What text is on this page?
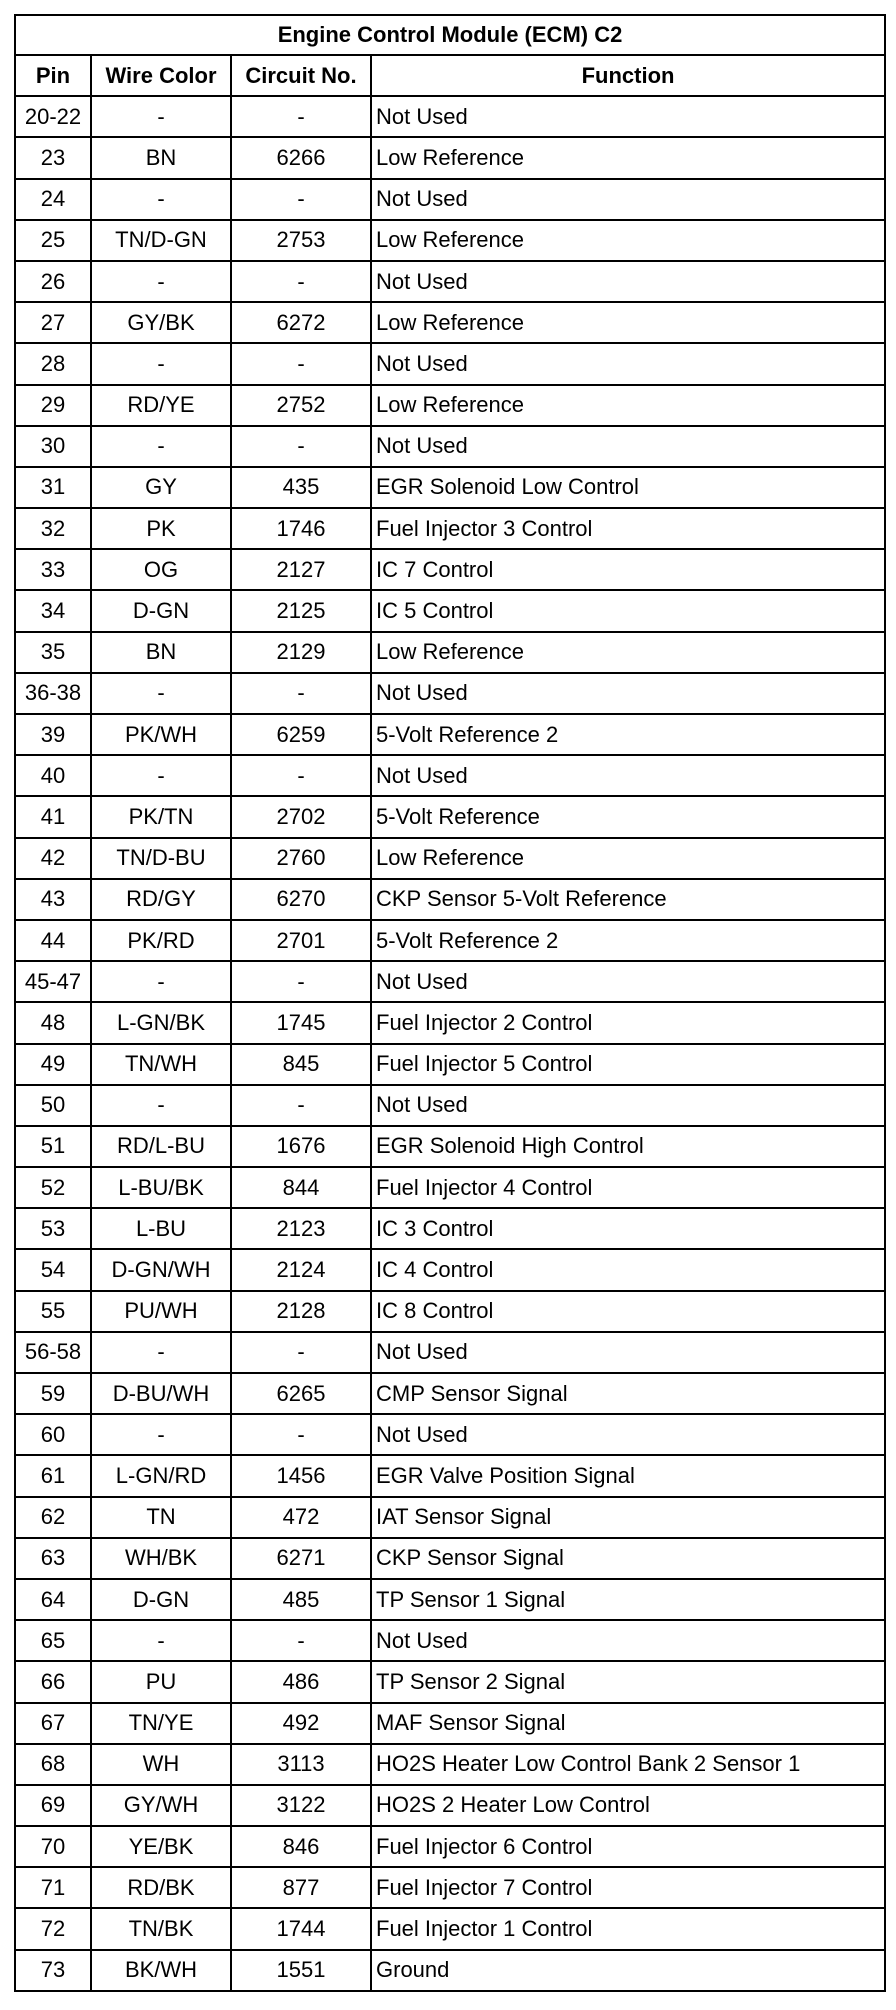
Engine Control Module (ECM) C2			
Pin	Wire Color	Circuit No.	Function
20-22	-	-	Not Used
23	BN	6266	Low Reference
24	-	-	Not Used
25	TN/D-GN	2753	Low Reference
26	-	-	Not Used
27	GY/BK	6272	Low Reference
28	-	-	Not Used
29	RD/YE	2752	Low Reference
30	-	-	Not Used
31	GY	435	EGR Solenoid Low Control
32	PK	1746	Fuel Injector 3 Control
33	OG	2127	IC 7 Control
34	D-GN	2125	IC 5 Control
35	BN	2129	Low Reference
36-38	-	-	Not Used
39	PK/WH	6259	5-Volt Reference 2
40	-	-	Not Used
41	PK/TN	2702	5-Volt Reference
42	TN/D-BU	2760	Low Reference
43	RD/GY	6270	CKP Sensor 5-Volt Reference
44	PK/RD	2701	5-Volt Reference 2
45-47	-	-	Not Used
48	L-GN/BK	1745	Fuel Injector 2 Control
49	TN/WH	845	Fuel Injector 5 Control
50	-	-	Not Used
51	RD/L-BU	1676	EGR Solenoid High Control
52	L-BU/BK	844	Fuel Injector 4 Control
53	L-BU	2123	IC 3 Control
54	D-GN/WH	2124	IC 4 Control
55	PU/WH	2128	IC 8 Control
56-58	-	-	Not Used
59	D-BU/WH	6265	CMP Sensor Signal
60	-	-	Not Used
61	L-GN/RD	1456	EGR Valve Position Signal
62	TN	472	IAT Sensor Signal
63	WH/BK	6271	CKP Sensor Signal
64	D-GN	485	TP Sensor 1 Signal
65	-	-	Not Used
66	PU	486	TP Sensor 2 Signal
67	TN/YE	492	MAF Sensor Signal
68	WH	3113	HO2S Heater Low Control Bank 2 Sensor 1
69	GY/WH	3122	HO2S 2 Heater Low Control
70	YE/BK	846	Fuel Injector 6 Control
71	RD/BK	877	Fuel Injector 7 Control
72	TN/BK	1744	Fuel Injector 1 Control
73	BK/WH	1551	Ground
